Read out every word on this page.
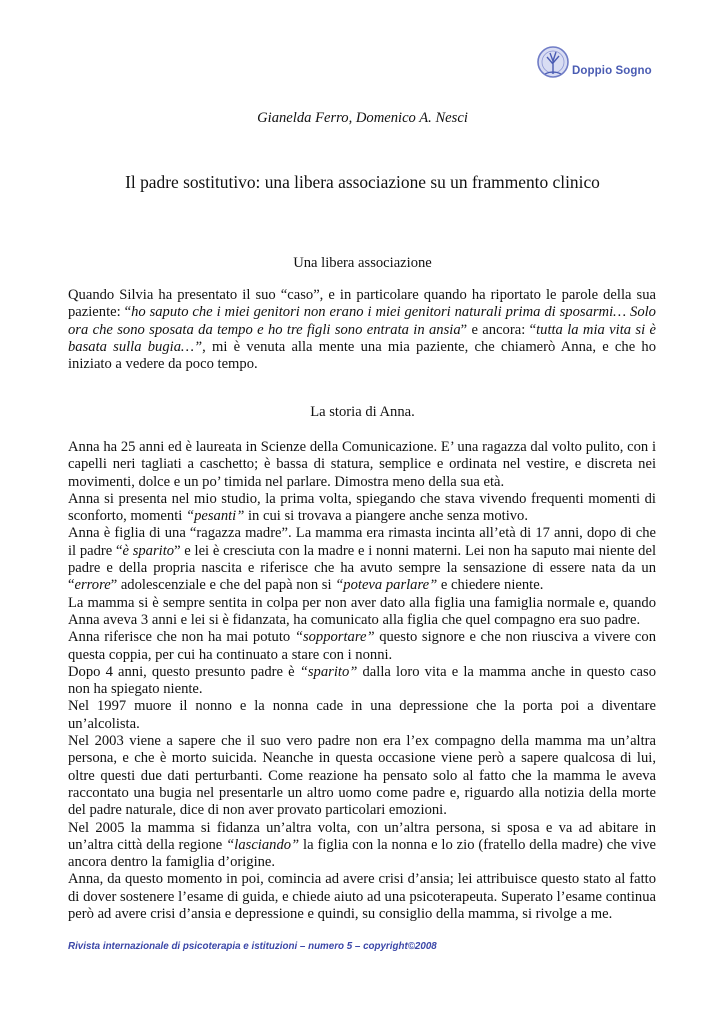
Doppio Sogno
Gianelda Ferro, Domenico A. Nesci
Il padre sostitutivo: una libera associazione su un frammento clinico
Una libera associazione

Quando Silvia ha presentato il suo “caso”, e in particolare quando ha riportato le parole della sua paziente: “ho saputo che i miei genitori non erano i miei genitori naturali prima di sposarmi… Solo ora che sono sposata da tempo e ho tre figli sono entrata in ansia” e ancora: “tutta la mia vita si è basata sulla bugia…”, mi è venuta alla mente una mia paziente, che chiamerò Anna, e che ho iniziato a vedere da poco tempo.

La storia di Anna.
Anna ha 25 anni ed è laureata in Scienze della Comunicazione. E’ una ragazza dal volto pulito, con i capelli neri tagliati a caschetto; è bassa di statura, semplice e ordinata nel vestire, e discreta nei movimenti, dolce e un po’ timida nel parlare. Dimostra meno della sua età.
Anna si presenta nel mio studio, la prima volta, spiegando che stava vivendo frequenti momenti di sconforto, momenti “pesanti” in cui si trovava a piangere anche senza motivo.
Anna è figlia di una “ragazza madre”. La mamma era rimasta incinta all’età di 17 anni, dopo di che il padre “è sparito” e lei è cresciuta con la madre e i nonni materni. Lei non ha saputo mai niente del padre e della propria nascita e riferisce che ha avuto sempre la sensazione di essere nata da un “errore” adolescenziale e che del papà non si “poteva parlare” e chiedere niente.
La mamma si è sempre sentita in colpa per non aver dato alla figlia una famiglia normale e, quando Anna aveva 3 anni e lei si è fidanzata, ha comunicato alla figlia che quel compagno era suo padre.
Anna riferisce che non ha mai potuto “sopportare” questo signore e che non riusciva a vivere con questa coppia, per cui ha continuato a stare con i nonni.
Dopo 4 anni, questo presunto padre è “sparito” dalla loro vita e la mamma anche in questo caso non ha spiegato niente.
Nel 1997 muore il nonno e la nonna cade in una depressione che la porta poi a diventare un’alcolista.
Nel 2003 viene a sapere che il suo vero padre non era l’ex compagno della mamma ma un’altra persona, e che è morto suicida. Neanche in questa occasione viene però a sapere qualcosa di lui, oltre questi due dati perturbanti. Come reazione ha pensato solo al fatto che la mamma le aveva raccontato una bugia nel presentarle un altro uomo come padre e, riguardo alla notizia della morte del padre naturale, dice di non aver provato particolari emozioni.
Nel 2005 la mamma si fidanza un’altra volta, con un’altra persona, si sposa e va ad abitare in un’altra città della regione “lasciando” la figlia con la nonna e lo zio (fratello della madre) che vive ancora dentro la famiglia d’origine.
Anna, da questo momento in poi, comincia ad avere crisi d’ansia; lei attribuisce questo stato al fatto di dover sostenere l’esame di guida, e chiede aiuto ad una psicoterapeuta. Superato l’esame continua però ad avere crisi d’ansia e depressione e quindi, su consiglio della mamma, si rivolge a me.
Rivista internazionale di psicoterapia e istituzioni – numero 5 – copyright©2008
